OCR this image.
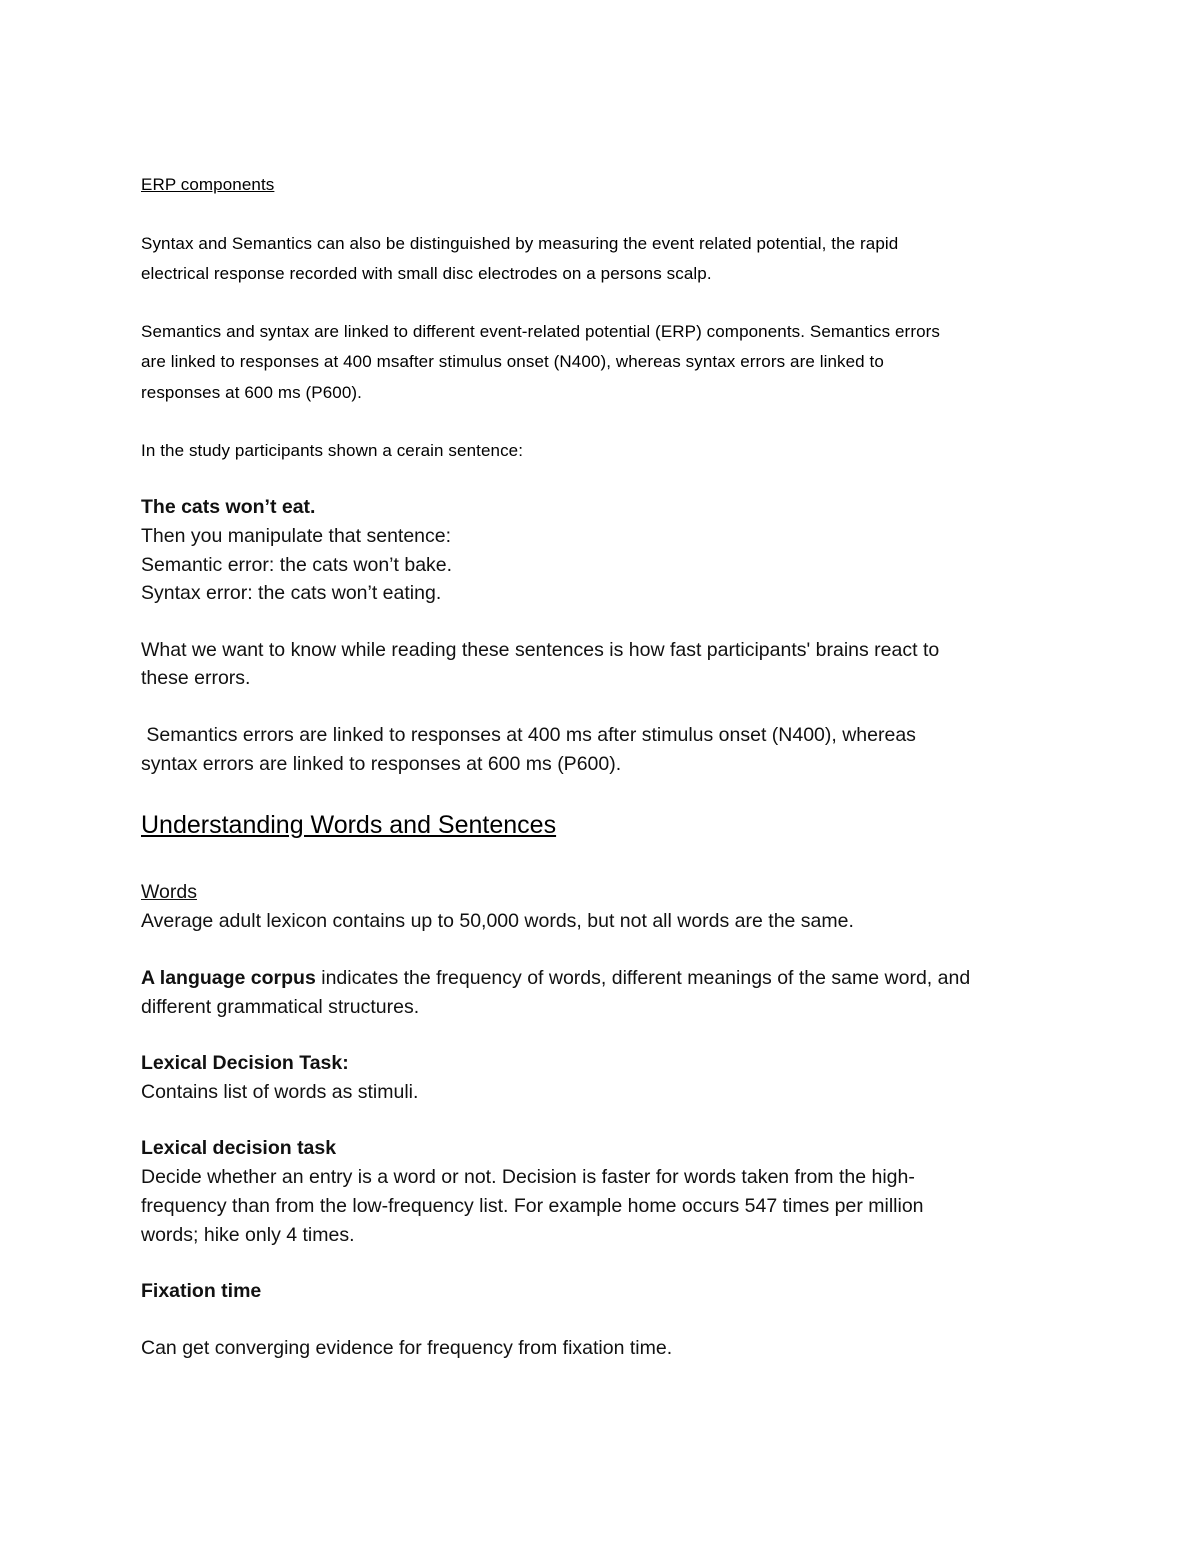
ERP components
Syntax and Semantics can also be distinguished by measuring the event related potential, the rapid
electrical response recorded with small disc electrodes on a persons scalp.
Semantics and syntax are linked to different event-related potential (ERP) components. Semantics errors
are linked to responses at 400 msafter stimulus onset (N400), whereas syntax errors are linked to
responses at 600 ms (P600).
In the study participants shown a cerain sentence:
The cats won’t eat.
Then you manipulate that sentence:
Semantic error: the cats won’t bake.
Syntax error: the cats won’t eating.
What we want to know while reading these sentences is how fast participants' brains react to
these errors.
Semantics errors are linked to responses at 400 ms after stimulus onset (N400), whereas
syntax errors are linked to responses at 600 ms (P600).
Understanding Words and Sentences
Words
Average adult lexicon contains up to 50,000 words, but not all words are the same.
A language corpus indicates the frequency of words, different meanings of the same word, and
different grammatical structures.
Lexical Decision Task:
Contains list of words as stimuli.
Lexical decision task
Decide whether an entry is a word or not. Decision is faster for words taken from the high-
frequency than from the low-frequency list. For example home occurs 547 times per million
words; hike only 4 times.
Fixation time
Can get converging evidence for frequency from fixation time.
